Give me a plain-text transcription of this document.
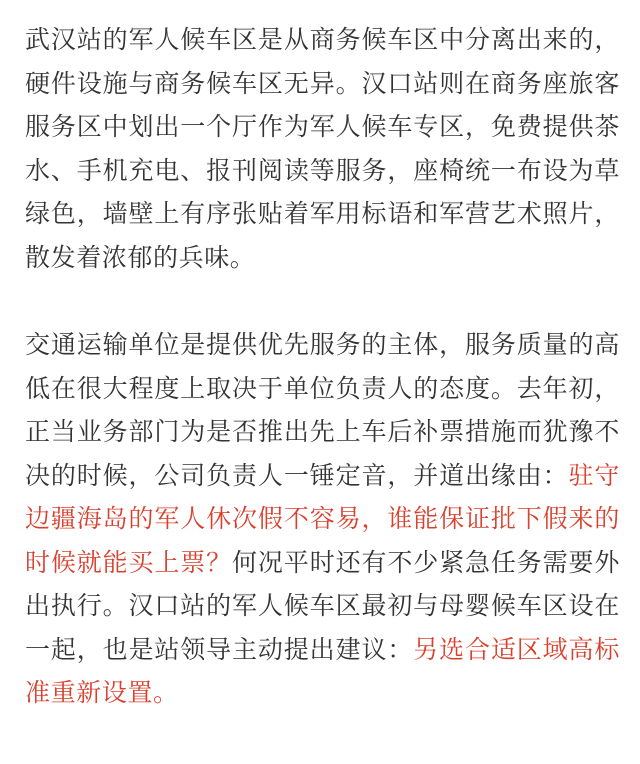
武汉站的军人候车区是从商务候车区中分离出来的，硬件设施与商务候车区无异。汉口站则在商务座旅客服务区中划出一个厅作为军人候车专区，免费提供茶水、手机充电、报刊阅读等服务，座椅统一布设为草绿色，墙壁上有序张贴着军用标语和军营艺术照片，散发着浓郁的兵味。

交通运输单位是提供优先服务的主体，服务质量的高低在很大程度上取决于单位负责人的态度。去年初，正当业务部门为是否推出先上车后补票措施而犹豫不决的时候，公司负责人一锤定音，并道出缘由：驻守边疆海岛的军人休次假不容易，谁能保证批下假来的时候就能买上票？何况平时还有不少紧急任务需要外出执行。汉口站的军人候车区最初与母婴候车区设在一起，也是站领导主动提出建议：另选合适区域高标准重新设置。
